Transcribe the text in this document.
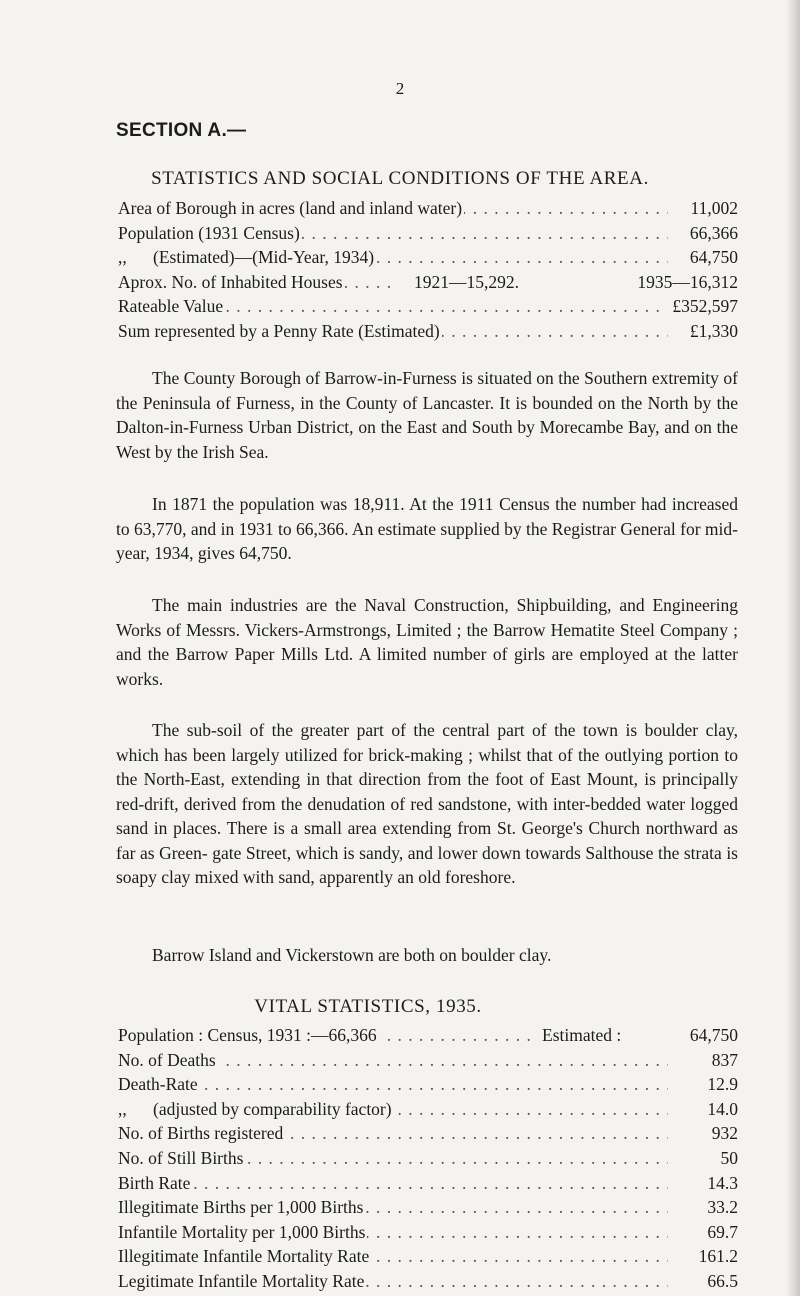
2
SECTION A.—
STATISTICS AND SOCIAL CONDITIONS OF THE AREA.
. . .
Area of Borough in acres (land and inland water)	11,002
. . .
Population (1931 Census)	66,366
. . .
,,      (Estimated)—(Mid-Year, 1934)	64,750
. . .
Aprox. No. of Inhabited Houses	1921—15,292.	1935—16,312
. . .
Rateable Value	£352,597
. . .
Sum represented by a Penny Rate (Estimated)	£1,330

The County Borough of Barrow-in-Furness is situated on the Southern extremity of the Peninsula of Furness, in the County of Lancaster. It is bounded on the North by the Dalton-in-Furness Urban District, on the East and South by Morecambe Bay, and on the West by the Irish Sea.

In 1871 the population was 18,911. At the 1911 Census the number had increased to 63,770, and in 1931 to 66,366. An estimate supplied by the Registrar General for mid-year, 1934, gives 64,750.

The main industries are the Naval Construction, Shipbuilding, and Engineering Works of Messrs. Vickers-Armstrongs, Limited ; the Barrow Hematite Steel Company ; and the Barrow Paper Mills Ltd. A limited number of girls are employed at the latter works.

The sub-soil of the greater part of the central part of the town is boulder clay, which has been largely utilized for brick-making ; whilst that of the outlying portion to the North-East, extending in that direction from the foot of East Mount, is principally red-drift, derived from the denudation of red sandstone, with inter-bedded water logged sand in places. There is a small area extending from St. George's Church northward as far as Green- gate Street, which is sandy, and lower down towards Salthouse the strata is soapy clay mixed with sand, apparently an old foreshore.

Barrow Island and Vickerstown are both on boulder clay.

VITAL STATISTICS, 1935.
. . .
Population : Census, 1931 :—66,366	Estimated :	64,750
. . .
No. of Deaths	837
. . .
Death-Rate	12.9
. . .
,,      (adjusted by comparability factor)	14.0
. . .
No. of Births registered	932
. . .
No. of Still Births	50
. . .
Birth Rate	14.3
. . .
Illegitimate Births per 1,000 Births	33.2
. . .
Infantile Mortality per 1,000 Births	69.7
. . .
Illegitimate Infantile Mortality Rate	161.2
. . .
Legitimate Infantile Mortality Rate	66.5
